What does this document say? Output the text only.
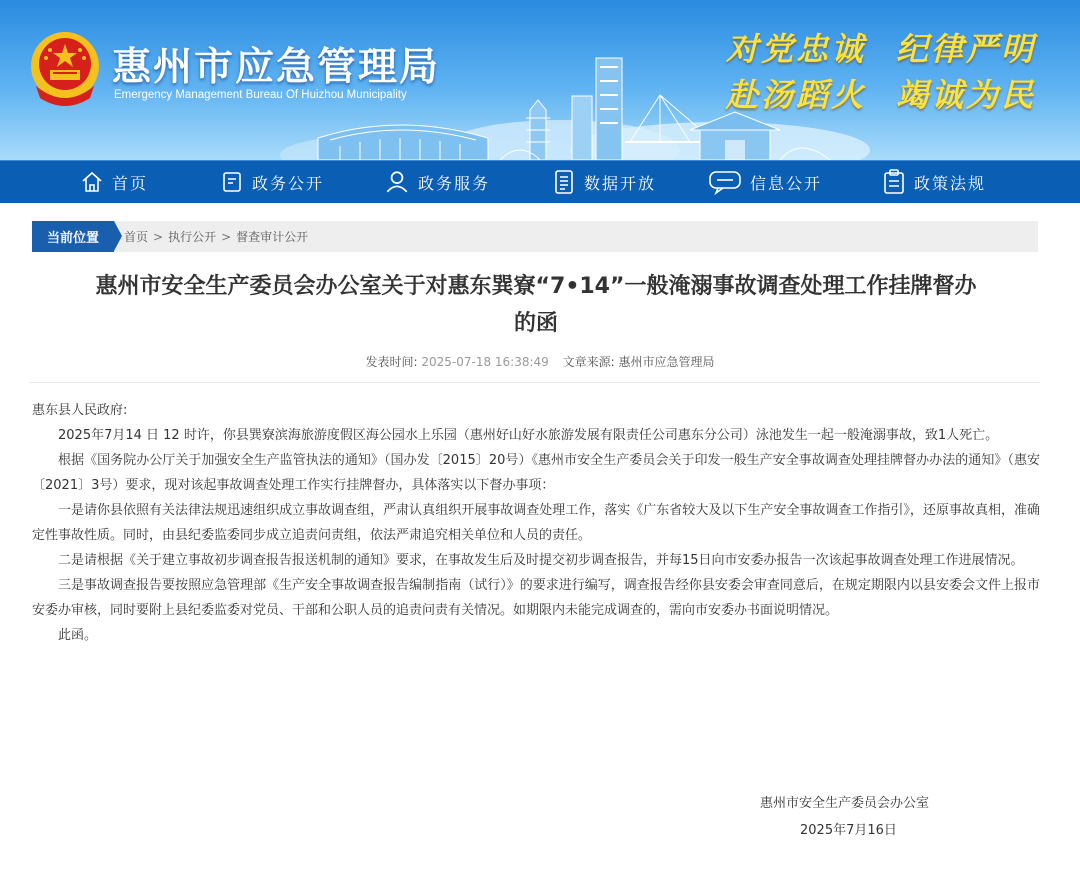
惠州市应急管理局
Emergency Management Bureau Of Huizhou Municipality
对党忠诚 纪律严明
赴汤蹈火 竭诚为民
首页	政务公开	政务服务	数据开放	信息公开	政策法规
当前位置	首页 > 执行公开 > 督查审计公开
惠州市安全生产委员会办公室关于对惠东巽寮“7•14”一般淹溺事故调查处理工作挂牌督办
的函
发表时间: 2025-07-18 16:38:49 文章来源: 惠州市应急管理局

惠东县人民政府:

2025年7月14 日 12 时许，你县巽寮滨海旅游度假区海公园水上乐园（惠州好山好水旅游发展有限责任公司惠东分公司）泳池发生一起一般淹溺事故，致1人死亡。

根据《国务院办公厅关于加强安全生产监管执法的通知》（国办发〔2015〕20号）《惠州市安全生产委员会关于印发一般生产安全事故调查处理挂牌督办办法的通知》（惠安〔2021〕3号）要求，现对该起事故调查处理工作实行挂牌督办，具体落实以下督办事项：

一是请你县依照有关法律法规迅速组织成立事故调查组，严肃认真组织开展事故调查处理工作，落实《广东省较大及以下生产安全事故调查工作指引》，还原事故真相，准确定性事故性质。同时，由县纪委监委同步成立追责问责组，依法严肃追究相关单位和人员的责任。

二是请根据《关于建立事故初步调查报告报送机制的通知》要求，在事故发生后及时提交初步调查报告，并每15日向市安委办报告一次该起事故调查处理工作进展情况。

三是事故调查报告要按照应急管理部《生产安全事故调查报告编制指南（试行）》的要求进行编写，调查报告经你县安委会审查同意后，在规定期限内以县安委会文件上报市安委办审核，同时要附上县纪委监委对党员、干部和公职人员的追责问责有关情况。如期限内未能完成调查的，需向市安委办书面说明情况。

此函。

惠州市安全生产委员会办公室
2025年7月16日
